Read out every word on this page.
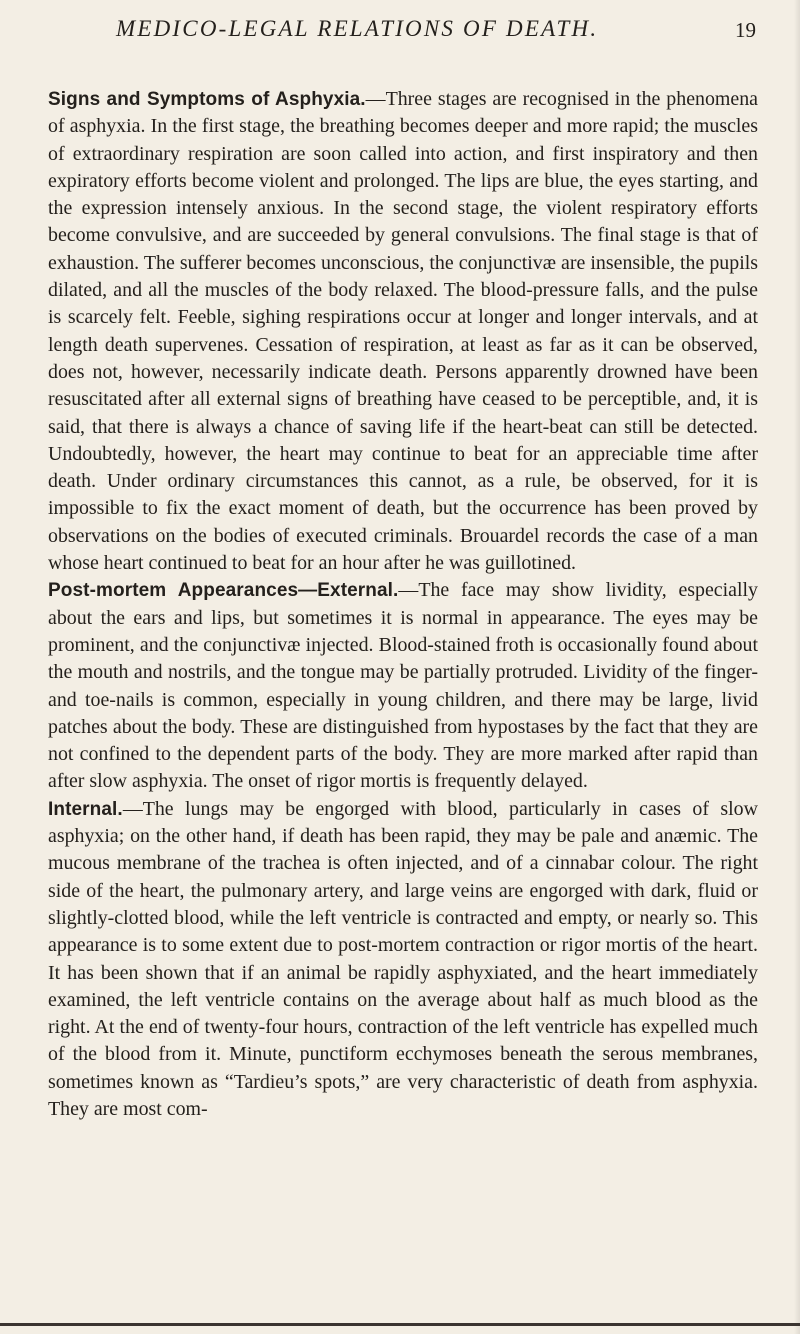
MEDICO-LEGAL RELATIONS OF DEATH.	19

Signs and Symptoms of Asphyxia.—Three stages are recognised in the phenomena of asphyxia. In the first stage, the breathing becomes deeper and more rapid; the muscles of extraordinary respiration are soon called into action, and first inspiratory and then expiratory efforts become violent and prolonged. The lips are blue, the eyes starting, and the expression intensely anxious. In the second stage, the violent respiratory efforts become convulsive, and are succeeded by general convulsions. The final stage is that of exhaustion. The sufferer becomes unconscious, the conjunctivæ are insensible, the pupils dilated, and all the muscles of the body relaxed. The blood-pressure falls, and the pulse is scarcely felt. Feeble, sighing respirations occur at longer and longer intervals, and at length death supervenes. Cessation of respiration, at least as far as it can be observed, does not, however, necessarily indicate death. Persons apparently drowned have been resuscitated after all external signs of breathing have ceased to be perceptible, and, it is said, that there is always a chance of saving life if the heart-beat can still be detected. Undoubtedly, however, the heart may continue to beat for an appreciable time after death. Under ordinary circumstances this cannot, as a rule, be observed, for it is impossible to fix the exact moment of death, but the occurrence has been proved by observations on the bodies of executed criminals. Brouardel records the case of a man whose heart continued to beat for an hour after he was guillotined.

Post-mortem Appearances—External.—The face may show lividity, especially about the ears and lips, but sometimes it is normal in appearance. The eyes may be prominent, and the conjunctivæ injected. Blood-stained froth is occasionally found about the mouth and nostrils, and the tongue may be partially protruded. Lividity of the finger- and toe-nails is common, especially in young children, and there may be large, livid patches about the body. These are distinguished from hypostases by the fact that they are not confined to the dependent parts of the body. They are more marked after rapid than after slow asphyxia. The onset of rigor mortis is frequently delayed.

Internal.—The lungs may be engorged with blood, particularly in cases of slow asphyxia; on the other hand, if death has been rapid, they may be pale and anæmic. The mucous membrane of the trachea is often injected, and of a cinnabar colour. The right side of the heart, the pulmonary artery, and large veins are engorged with dark, fluid or slightly-clotted blood, while the left ventricle is contracted and empty, or nearly so. This appearance is to some extent due to post-mortem contraction or rigor mortis of the heart. It has been shown that if an animal be rapidly asphyxiated, and the heart immediately examined, the left ventricle contains on the average about half as much blood as the right. At the end of twenty-four hours, contraction of the left ventricle has expelled much of the blood from it. Minute, punctiform ecchymoses beneath the serous membranes, sometimes known as “Tardieu’s spots,” are very characteristic of death from asphyxia. They are most com-
